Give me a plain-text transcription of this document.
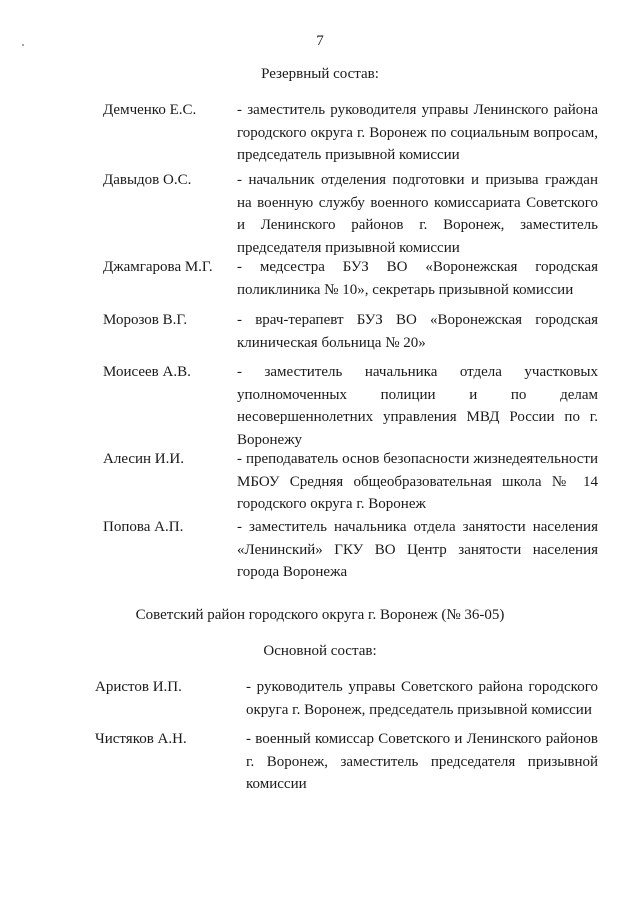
7
Резервный состав:
Демченко Е.С.	- заместитель руководителя управы Ленинского района городского округа г. Воронеж по социальным вопросам, председатель призывной комиссии
Давыдов О.С.	- начальник отделения подготовки и призыва граждан на военную службу военного комиссариата Советского и Ленинского районов г. Воронеж, заместитель председателя призывной комиссии
Джамгарова М.Г. - медсестра БУЗ ВО «Воронежская городская поликлиника № 10», секретарь призывной комиссии
Морозов В.Г.	- врач-терапевт БУЗ ВО «Воронежская городская клиническая больница № 20»
Моисеев А.В.	- заместитель начальника отдела участковых уполномоченных полиции и по делам несовершеннолетних управления МВД России по г. Воронежу
Алесин И.И.	- преподаватель основ безопасности жизнедеятельности МБОУ Средняя общеобразовательная школа № 14 городского округа г. Воронеж
Попова А.П.	- заместитель начальника отдела занятости населения «Ленинский» ГКУ ВО Центр занятости населения города Воронежа
Советский район городского округа г. Воронеж (№ 36-05)
Основной состав:
Аристов И.П.	- руководитель управы Советского района городского округа г. Воронеж, председатель призывной комиссии
Чистяков А.Н.	- военный комиссар Советского и Ленинского районов г. Воронеж, заместитель председателя призывной комиссии
